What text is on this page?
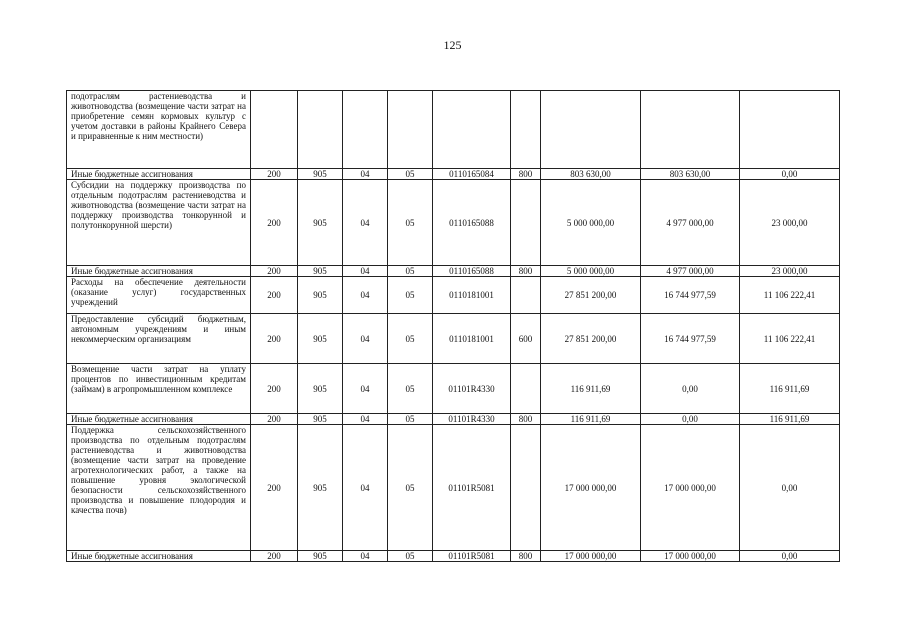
125
подотраслям растениеводства и животноводства (возмещение части затрат на приобретение семян кормовых культур с учетом доставки в районы Крайнего Севера и приравненные к ним местности)									
Иные бюджетные ассигнования	200	905	04	05	0110165084	800	803 630,00	803 630,00	0,00
Субсидии на поддержку производства по отдельным подотраслям растениеводства и животноводства (возмещение части затрат на поддержку производства тонкорунной и полутонкорунной шерсти)	200	905	04	05	0110165088		5 000 000,00	4 977 000,00	23 000,00
Иные бюджетные ассигнования	200	905	04	05	0110165088	800	5 000 000,00	4 977 000,00	23 000,00
Расходы на обеспечение деятельности (оказание услуг) государственных учреждений	200	905	04	05	0110181001		27 851 200,00	16 744 977,59	11 106 222,41
Предоставление субсидий бюджетным, автономным учреждениям и иным некоммерческим организациям	200	905	04	05	0110181001	600	27 851 200,00	16 744 977,59	11 106 222,41
Возмещение части затрат на уплату процентов по инвестиционным кредитам (займам) в агропромышленном комплексе	200	905	04	05	01101R4330		116 911,69	0,00	116 911,69
Иные бюджетные ассигнования	200	905	04	05	01101R4330	800	116 911,69	0,00	116 911,69
Поддержка сельскохозяйственного производства по отдельным подотраслям растениеводства и животноводства (возмещение части затрат на проведение агротехнологических работ, а также на повышение уровня экологической безопасности сельскохозяйственного производства и повышение плодородия и качества почв)	200	905	04	05	01101R5081		17 000 000,00	17 000 000,00	0,00
Иные бюджетные ассигнования	200	905	04	05	01101R5081	800	17 000 000,00	17 000 000,00	0,00
